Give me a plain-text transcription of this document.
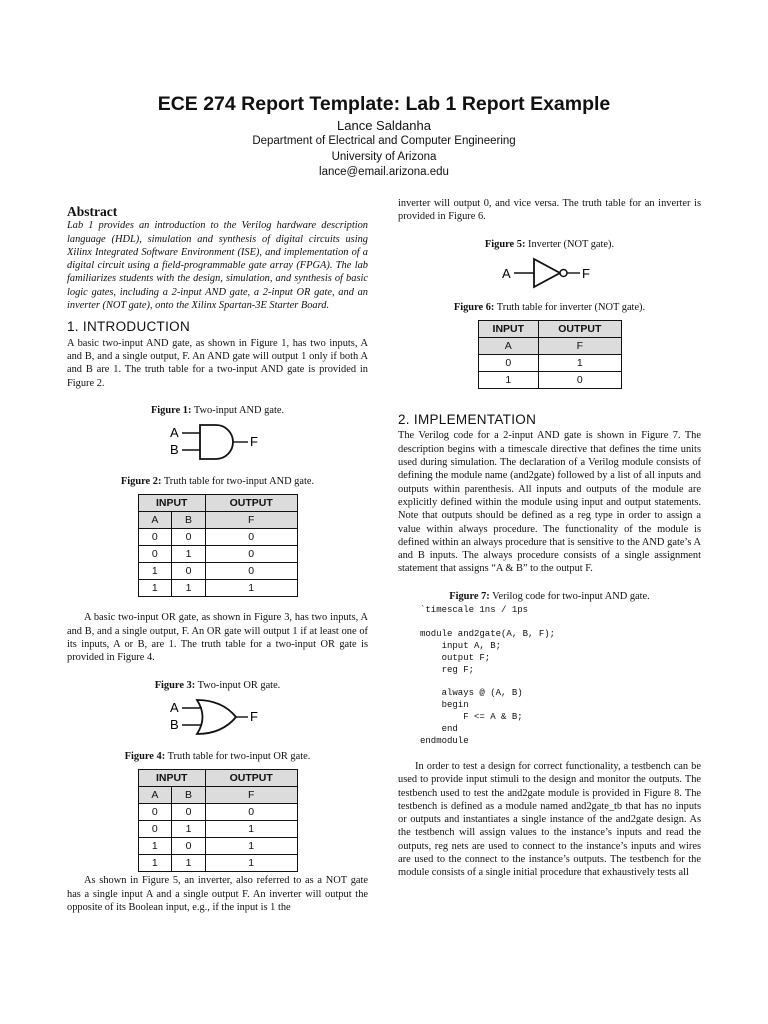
ECE 274 Report Template: Lab 1 Report Example
Lance Saldanha
Department of Electrical and Computer Engineering
University of Arizona
lance@email.arizona.edu
Abstract

Lab 1 provides an introduction to the Verilog hardware description language (HDL), simulation and synthesis of digital circuits using Xilinx Integrated Software Environment (ISE), and implementation of a digital circuit using a field-programmable gate array (FPGA). The lab familiarizes students with the design, simulation, and synthesis of basic logic gates, including a 2-input AND gate, a 2-input OR gate, and an inverter (NOT gate), onto the Xilinx Spartan-3E Starter Board.

1. INTRODUCTION

A basic two-input AND gate, as shown in Figure 1, has two inputs, A and B, and a single output, F. An AND gate will output 1 only if both A and B are 1. The truth table for a two-input AND gate is provided in Figure 2.

Figure 1: Two-input AND gate.
A
B
F
Figure 2: Truth table for two-input AND gate.
INPUT		OUTPUT
A	B	F
0	0	0
0	1	0
1	0	0
1	1	1

A basic two-input OR gate, as shown in Figure 3, has two inputs, A and B, and a single output, F. An OR gate will output 1 if at least one of its inputs, A or B, are 1. The truth table for a two-input OR gate is provided in Figure 4.

Figure 3: Two-input OR gate.
A
B
F
Figure 4: Truth table for two-input OR gate.
INPUT		OUTPUT
A	B	F
0	0	0
0	1	1
1	0	1
1	1	1

As shown in Figure 5, an inverter, also referred to as a NOT gate has a single input A and a single output F. An inverter will output the opposite of its Boolean input, e.g., if the input is 1 the

inverter will output 0, and vice versa. The truth table for an inverter is provided in Figure 6.

Figure 5: Inverter (NOT gate).
A	F
Figure 6: Truth table for inverter (NOT gate).
INPUT	OUTPUT
A	F
0	1
1	0
2. IMPLEMENTATION

The Verilog code for a 2-input AND gate is shown in Figure 7. The description begins with a timescale directive that defines the time units used during simulation. The declaration of a Verilog module consists of defining the module name (and2gate) followed by a list of all inputs and outputs within parenthesis. All inputs and outputs of the module are explicitly defined within the module using input and output statements. Note that outputs should be defined as a reg type in order to assign a value within always procedure. The functionality of the module is defined within an always procedure that is sensitive to the AND gate’s A and B inputs. The always procedure consists of a single assignment statement that assigns “A & B” to the output F.

Figure 7: Verilog code for two-input AND gate.
`timescale 1ns / 1ps

module and2gate(A, B, F);
input A, B;
output F;
reg F;

always @ (A, B)
begin
F <= A & B;
end
endmodule

In order to test a design for correct functionality, a testbench can be used to provide input stimuli to the design and monitor the outputs. The testbench used to test the and2gate module is provided in Figure 8. The testbench is defined as a module named and2gate_tb that has no inputs or outputs and instantiates a single instance of the and2gate design. As the testbench will assign values to the instance’s inputs and read the outputs, reg nets are used to connect to the instance’s inputs and wires are used to the connect to the instance’s outputs. The testbench for the module consists of a single initial procedure that exhaustively tests all
